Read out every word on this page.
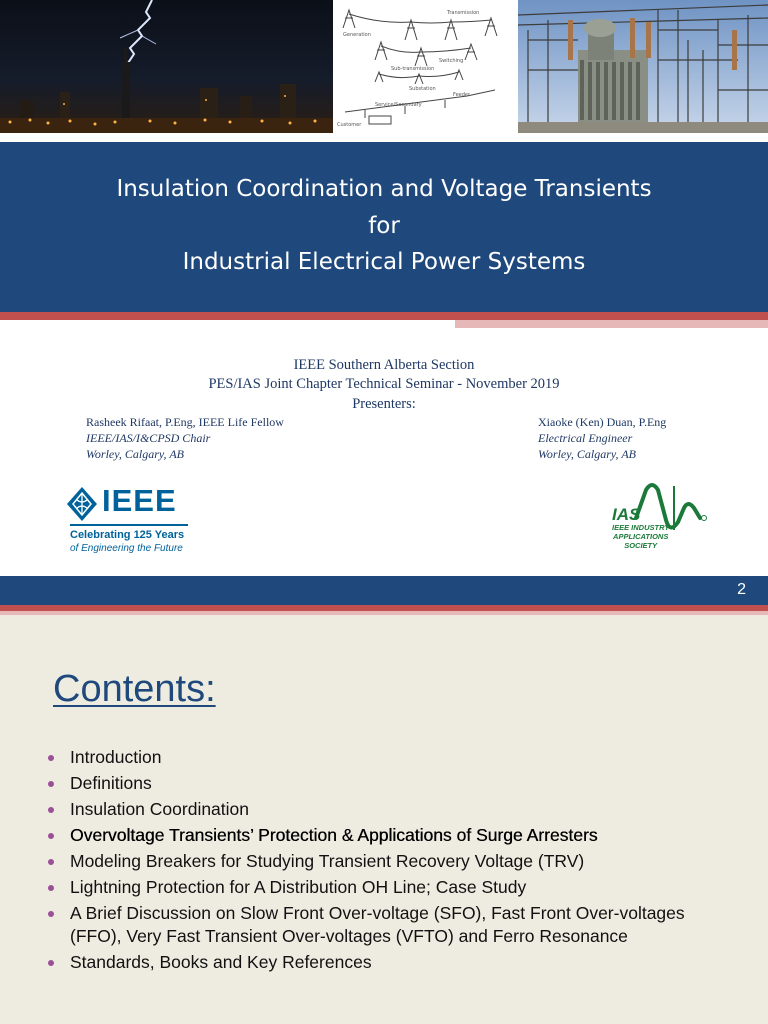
Transmission
Generation
Sub-transmission
Switching
Substation
Feeder
Service/Secondary
Customer
Insulation Coordination and Voltage Transients
for
Industrial Electrical Power Systems
IEEE Southern Alberta Section
PES/IAS Joint Chapter Technical Seminar - November 2019
Presenters:
Rasheek Rifaat, P.Eng, IEEE Life Fellow
IEEE/IAS/I&CPSD Chair
Worley, Calgary, AB
Xiaoke (Ken) Duan, P.Eng
Electrical Engineer
Worley, Calgary, AB
IEEE
Celebrating 125 Years
of Engineering the Future
IAS
IEEE INDUSTRY
APPLICATIONS
SOCIETY
2
Contents:
Introduction
Definitions
Insulation Coordination
Overvoltage Transients’ Protection & Applications of Surge Arresters
Modeling Breakers for Studying Transient Recovery Voltage (TRV)
Lightning Protection for A Distribution OH Line; Case Study
A Brief Discussion on Slow Front Over-voltage (SFO), Fast Front Over-voltages (FFO), Very Fast Transient Over-voltages (VFTO) and Ferro Resonance
Standards, Books and Key References
